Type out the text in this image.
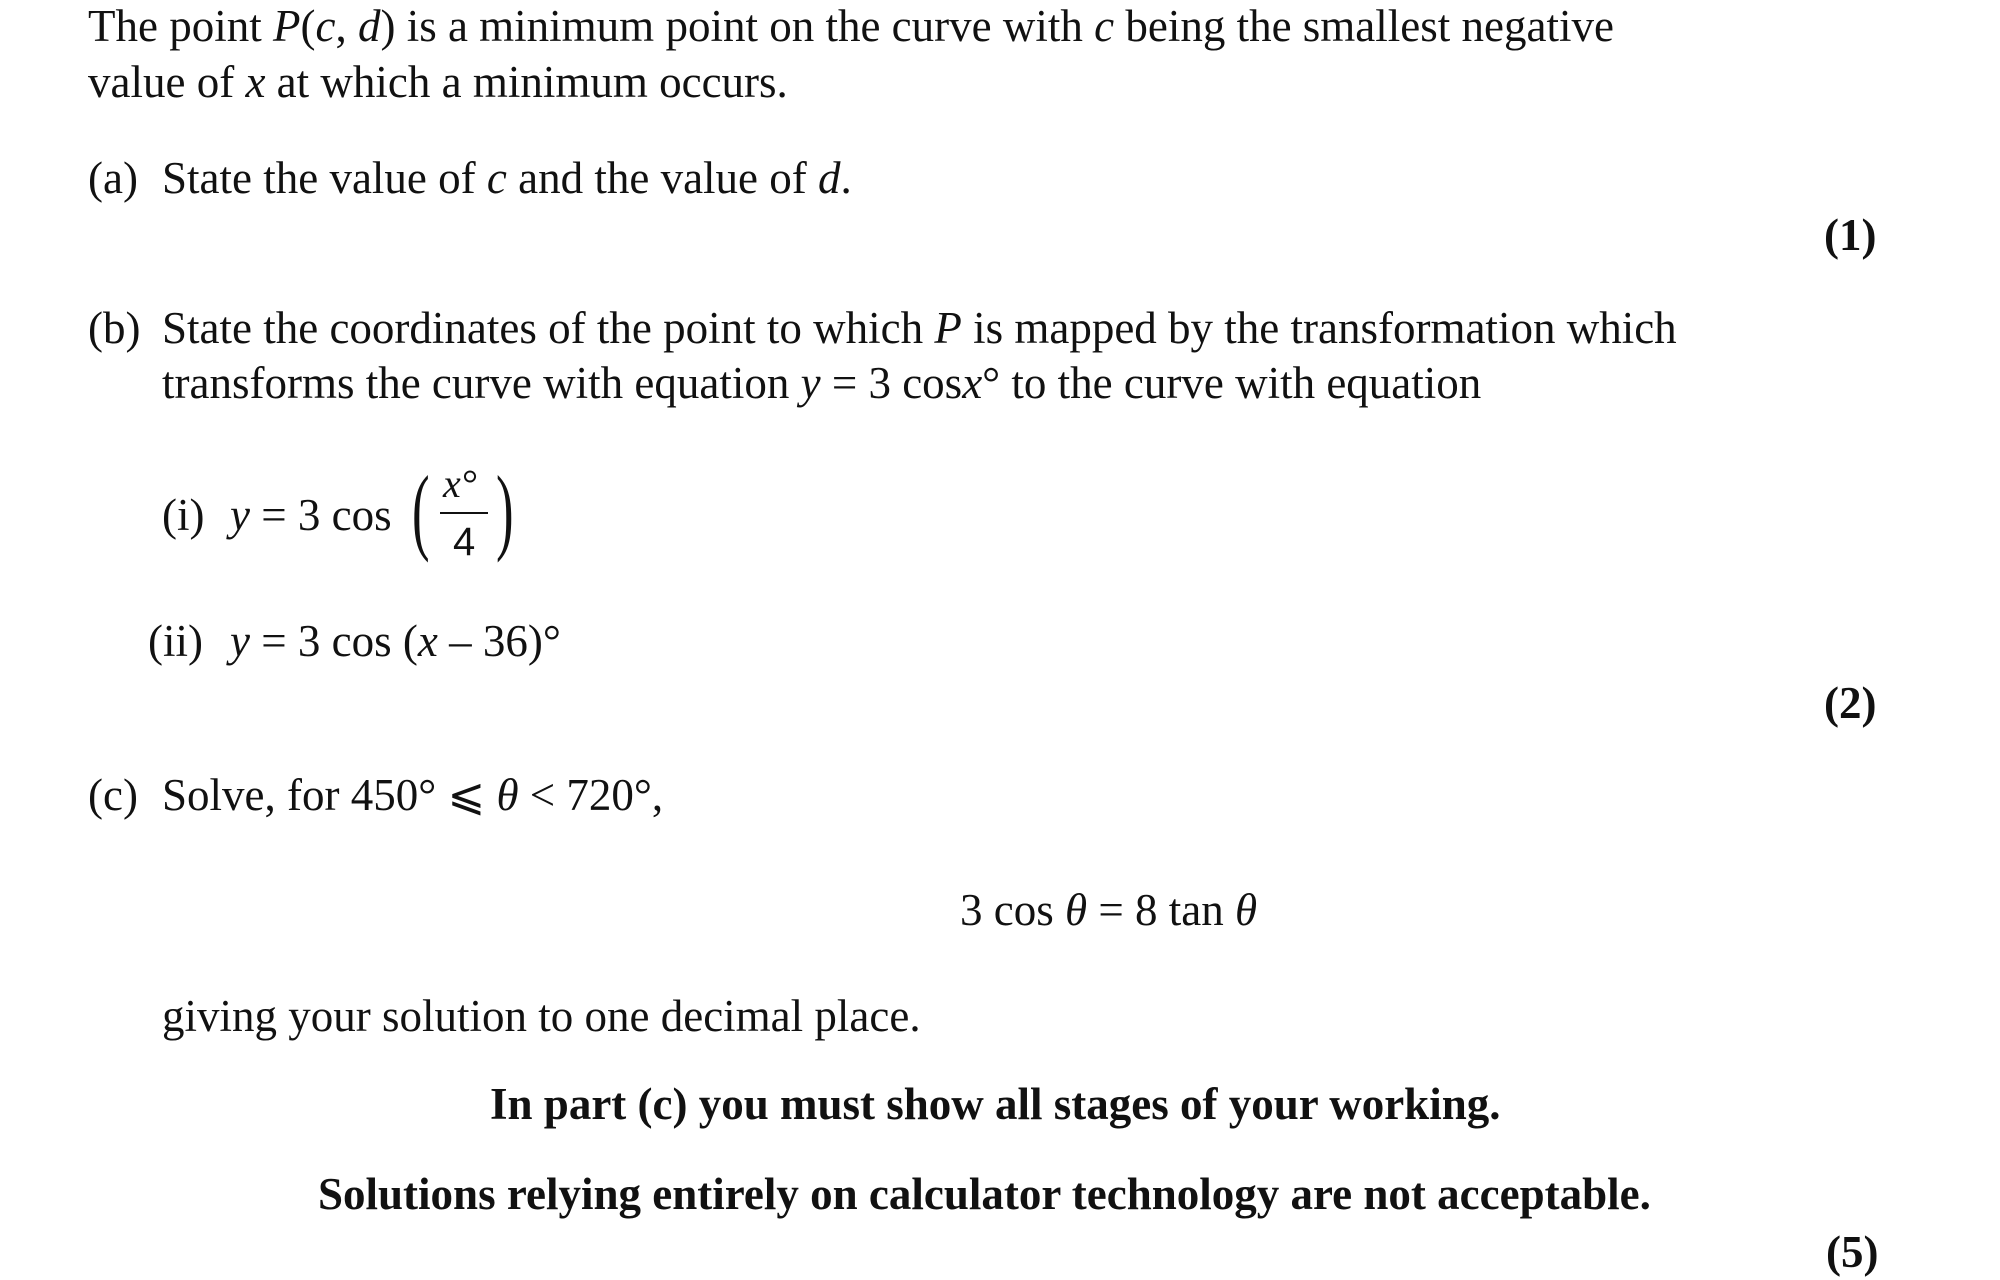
The point P(c, d) is a minimum point on the curve with c being the smallest negative
value of x at which a minimum occurs.
(a) State the value of c and the value of d.
(1)
(b) State the coordinates of the point to which P is mapped by the transformation which
transforms the curve with equation y = 3 cosx° to the curve with equation
(i) y = 3 cos ( x°
4 )
(ii) y = 3 cos (x – 36)°
(2)
(c) Solve, for 450° ⩽ θ < 720°,
3 cos θ = 8 tan θ
giving your solution to one decimal place.
In part (c) you must show all stages of your working.
Solutions relying entirely on calculator technology are not acceptable.
(5)
